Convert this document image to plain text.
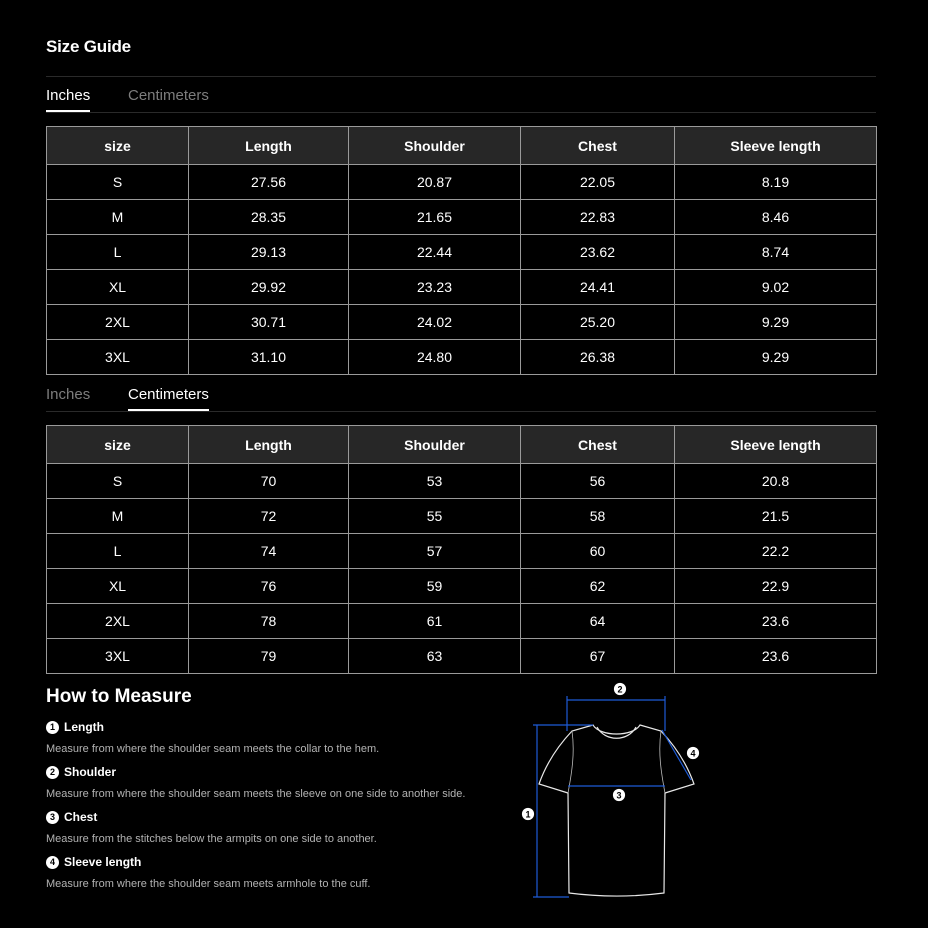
Size Guide
Inches	Centimeters
size	Length	Shoulder	Chest	Sleeve length
S	27.56	20.87	22.05	8.19
M	28.35	21.65	22.83	8.46
L	29.13	22.44	23.62	8.74
XL	29.92	23.23	24.41	9.02
2XL	30.71	24.02	25.20	9.29
3XL	31.10	24.80	26.38	9.29
Inches	Centimeters
size	Length	Shoulder	Chest	Sleeve length
S	70	53	56	20.8
M	72	55	58	21.5
L	74	57	60	22.2
XL	76	59	62	22.9
2XL	78	61	64	23.6
3XL	79	63	67	23.6
How to Measure
1 Length
Measure from where the shoulder seam meets the collar to the hem.
2 Shoulder
Measure from where the shoulder seam meets the sleeve on one side to another side.
3 Chest
Measure from the stitches below the armpits on one side to another.
4 Sleeve length
Measure from where the shoulder seam meets armhole to the cuff.
1
2
3
4
